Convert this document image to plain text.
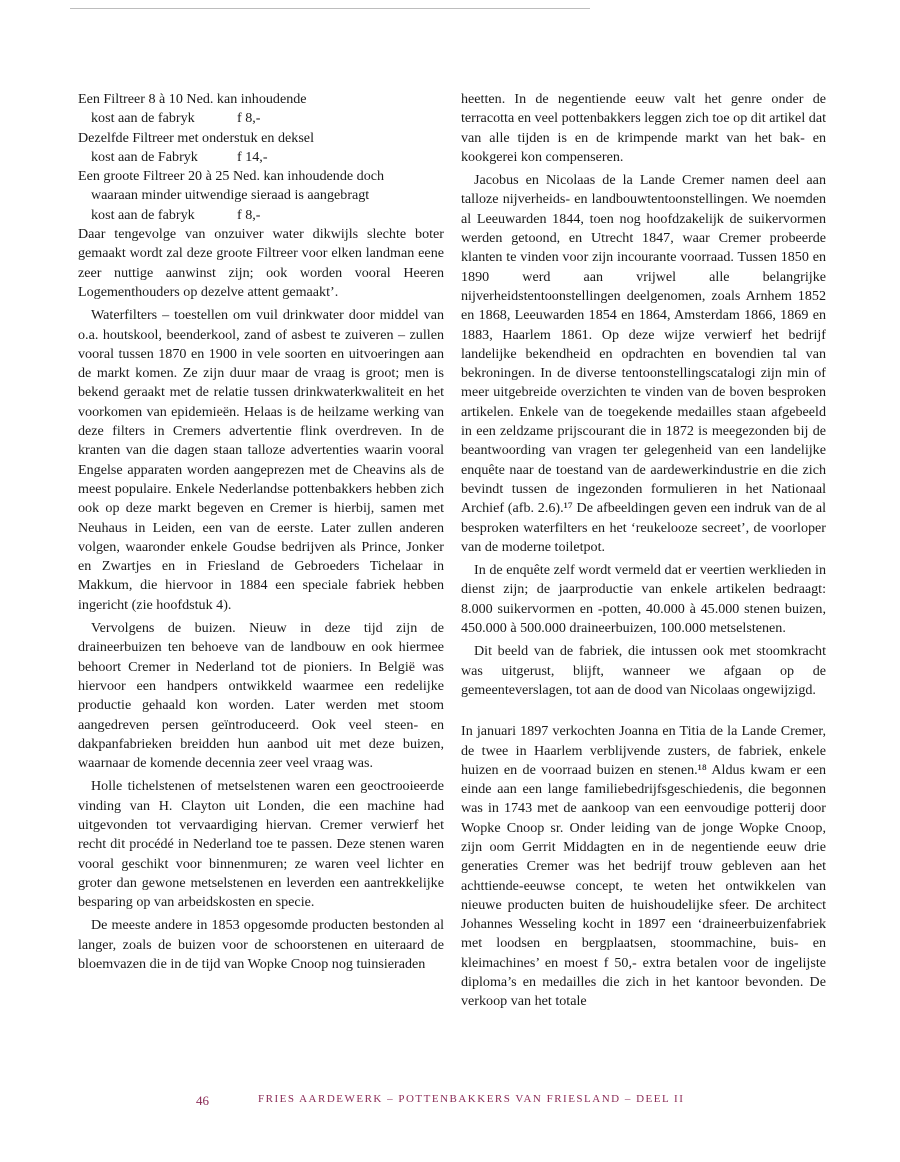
Een Filtreer 8 à 10 Ned. kan inhoudende
kost aan de fabryk	f 8,-
Dezelfde Filtreer met onderstuk en deksel
kost aan de Fabryk	f 14,-
Een groote Filtreer 20 à 25 Ned. kan inhoudende doch
waaraan minder uitwendige sieraad is aangebragt
kost aan de fabryk	f 8,-

Daar tengevolge van onzuiver water dikwijls slechte boter gemaakt wordt zal deze groote Filtreer voor elken landman eene zeer nuttige aanwinst zijn; ook worden vooral Heeren Logementhouders op dezelve attent gemaakt’.

Waterfilters – toestellen om vuil drinkwater door middel van o.a. houtskool, beenderkool, zand of asbest te zuiveren – zullen vooral tussen 1870 en 1900 in vele soorten en uitvoeringen aan de markt komen. Ze zijn duur maar de vraag is groot; men is bekend geraakt met de relatie tussen drinkwaterkwaliteit en het voorkomen van epidemieën. Helaas is de heilzame werking van deze filters in Cremers advertentie flink overdreven. In de kranten van die dagen staan talloze advertenties waarin vooral Engelse apparaten worden aangeprezen met de Cheavins als de meest populaire. Enkele Nederlandse pottenbakkers hebben zich ook op deze markt begeven en Cremer is hierbij, samen met Neuhaus in Leiden, een van de eerste. Later zullen anderen volgen, waaronder enkele Goudse bedrijven als Prince, Jonker en Zwartjes en in Friesland de Gebroeders Tichelaar in Makkum, die hiervoor in 1884 een speciale fabriek hebben ingericht (zie hoofdstuk 4).

Vervolgens de buizen. Nieuw in deze tijd zijn de draineerbuizen ten behoeve van de landbouw en ook hiermee behoort Cremer in Nederland tot de pioniers. In België was hiervoor een handpers ontwikkeld waarmee een redelijke productie gehaald kon worden. Later werden met stoom aangedreven persen geïntroduceerd. Ook veel steen- en dakpanfabrieken breidden hun aanbod uit met deze buizen, waarnaar de komende decennia zeer veel vraag was.

Holle tichelstenen of metselstenen waren een geoctrooieerde vinding van H. Clayton uit Londen, die een machine had uitgevonden tot vervaardiging hiervan. Cremer verwierf het recht dit procédé in Nederland toe te passen. Deze stenen waren vooral geschikt voor binnenmuren; ze waren veel lichter en groter dan gewone metselstenen en leverden een aantrekkelijke besparing op van arbeidskosten en specie.

De meeste andere in 1853 opgesomde producten bestonden al langer, zoals de buizen voor de schoorstenen en uiteraard de bloemvazen die in de tijd van Wopke Cnoop nog tuinsieraden

heetten. In de negentiende eeuw valt het genre onder de terracotta en veel pottenbakkers leggen zich toe op dit artikel dat van alle tijden is en de krimpende markt van het bak- en kookgerei kon compenseren.

Jacobus en Nicolaas de la Lande Cremer namen deel aan talloze nijverheids- en landbouwtentoonstellingen. We noemden al Leeuwarden 1844, toen nog hoofdzakelijk de suikervormen werden getoond, en Utrecht 1847, waar Cremer probeerde klanten te vinden voor zijn incourante voorraad. Tussen 1850 en 1890 werd aan vrijwel alle belangrijke nijverheidstentoonstellingen deelgenomen, zoals Arnhem 1852 en 1868, Leeuwarden 1854 en 1864, Amsterdam 1866, 1869 en 1883, Haarlem 1861. Op deze wijze verwierf het bedrijf landelijke bekendheid en opdrachten en bovendien tal van bekroningen. In de diverse tentoonstellingscatalogi zijn min of meer uitgebreide overzichten te vinden van de boven besproken artikelen. Enkele van de toegekende medailles staan afgebeeld in een zeldzame prijscourant die in 1872 is meegezonden bij de beantwoording van vragen ter gelegenheid van een landelijke enquête naar de toestand van de aardewerkindustrie en die zich bevindt tussen de ingezonden formulieren in het Nationaal Archief (afb. 2.6).¹⁷ De afbeeldingen geven een indruk van de al besproken waterfilters en het ‘reukelooze secreet’, de voorloper van de moderne toiletpot.

In de enquête zelf wordt vermeld dat er veertien werklieden in dienst zijn; de jaarproductie van enkele artikelen bedraagt: 8.000 suikervormen en -potten, 40.000 à 45.000 stenen buizen, 450.000 à 500.000 draineerbuizen, 100.000 metselstenen.

Dit beeld van de fabriek, die intussen ook met stoomkracht was uitgerust, blijft, wanneer we afgaan op de gemeenteverslagen, tot aan de dood van Nicolaas ongewijzigd.

In januari 1897 verkochten Joanna en Titia de la Lande Cremer, de twee in Haarlem verblijvende zusters, de fabriek, enkele huizen en de voorraad buizen en stenen.¹⁸ Aldus kwam er een einde aan een lange familiebedrijfsgeschiedenis, die begonnen was in 1743 met de aankoop van een eenvoudige potterij door Wopke Cnoop sr. Onder leiding van de jonge Wopke Cnoop, zijn oom Gerrit Middagten en in de negentiende eeuw drie generaties Cremer was het bedrijf trouw gebleven aan het achttiende-eeuwse concept, te weten het ontwikkelen van nieuwe producten buiten de huishoudelijke sfeer. De architect Johannes Wesseling kocht in 1897 een ‘draineerbuizenfabriek met loodsen en bergplaatsen, stoommachine, buis- en kleimachines’ en moest f 50,- extra betalen voor de ingelijste diploma’s en medailles die zich in het kantoor bevonden. De verkoop van het totale

46	FRIES AARDEWERK – POTTENBAKKERS VAN FRIESLAND – DEEL II
